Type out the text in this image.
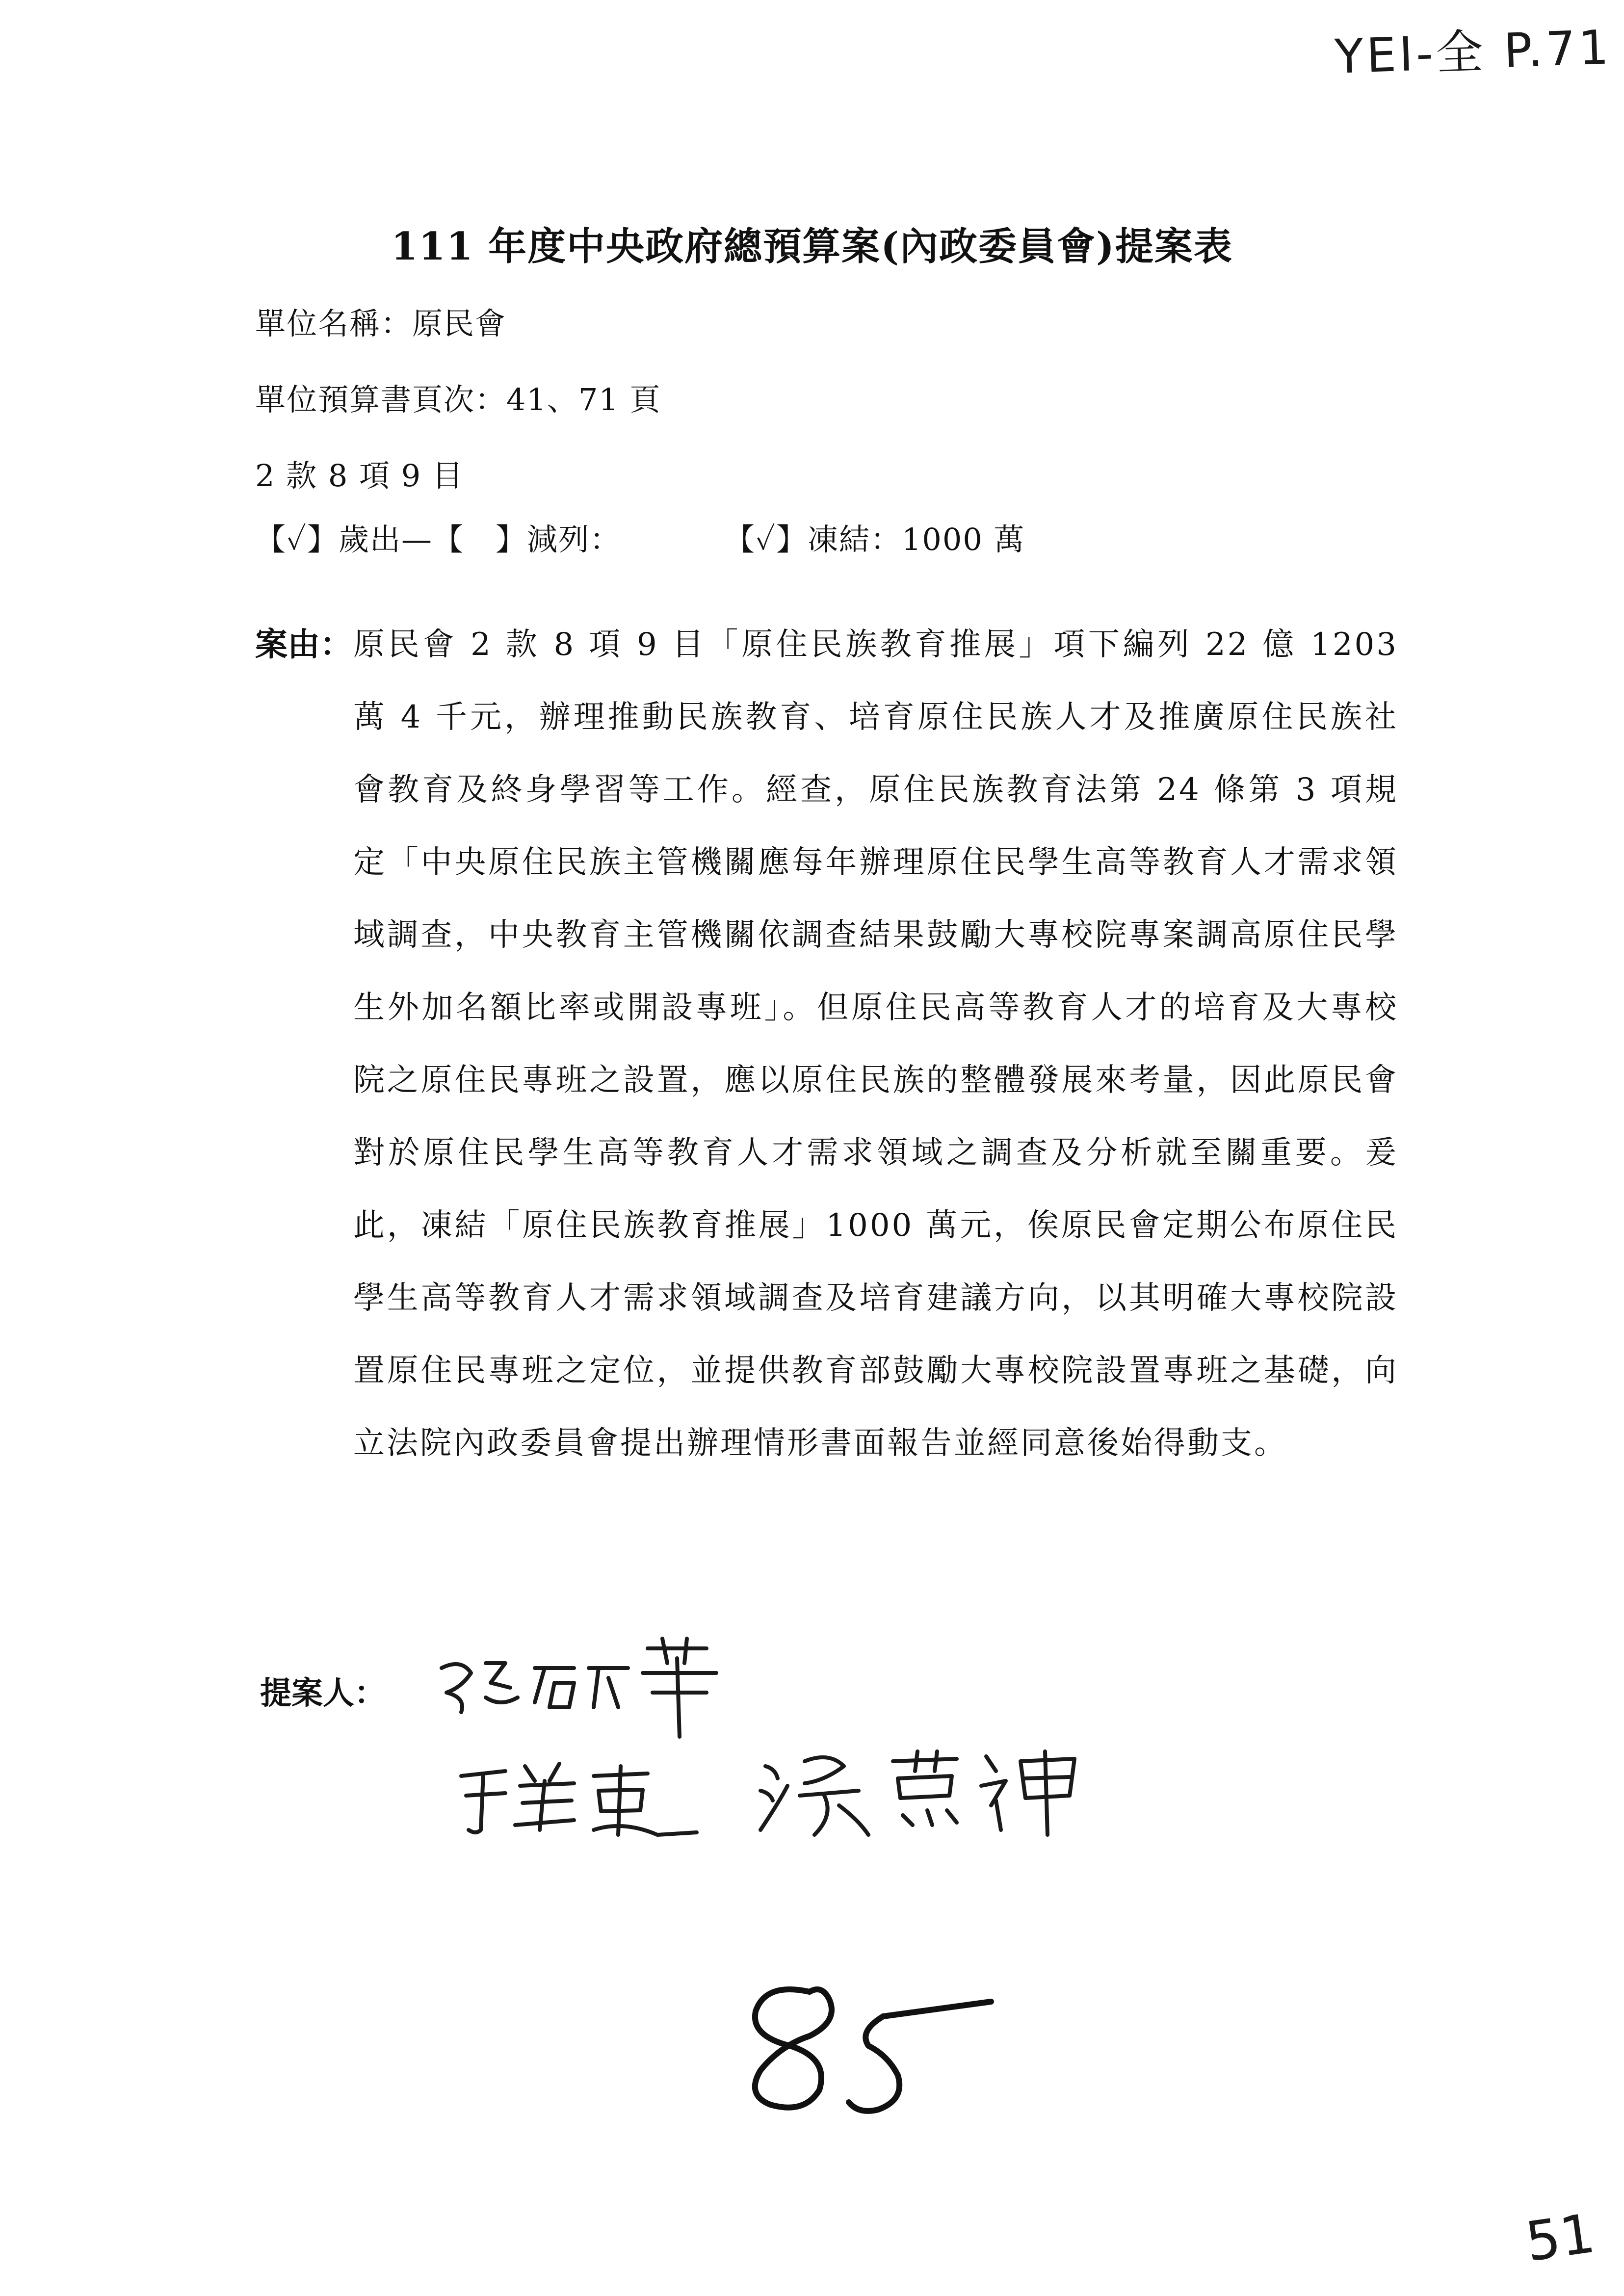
YEI-全 P.71
111 年度中央政府總預算案(內政委員會)提案表
單位名稱：原民會
單位預算書頁次：41、71 頁
2 款 8 項 9 目
【✓】歲出—【　】減列：	【✓】凍結：1000 萬
案由： 原民會 2 款 8 項 9 目「原住民族教育推展」項下編列 22 億 1203 萬 4 千元，辦理推動民族教育、培育原住民族人才及推廣原住民族社會教育及終身學習等工作。經查，原住民族教育法第 24 條第 3 項規定「中央原住民族主管機關應每年辦理原住民學生高等教育人才需求領域調查，中央教育主管機關依調查結果鼓勵大專校院專案調高原住民學生外加名額比率或開設專班」。但原住民高等教育人才的培育及大專校院之原住民專班之設置，應以原住民族的整體發展來考量，因此原民會對於原住民學生高等教育人才需求領域之調查及分析就至關重要。爰此，凍結「原住民族教育推展」1000 萬元，俟原民會定期公布原住民學生高等教育人才需求領域調查及培育建議方向，以其明確大專校院設置原住民專班之定位，並提供教育部鼓勵大專校院設置專班之基礎，向立法院內政委員會提出辦理情形書面報告並經同意後始得動支。
提案人：
51
